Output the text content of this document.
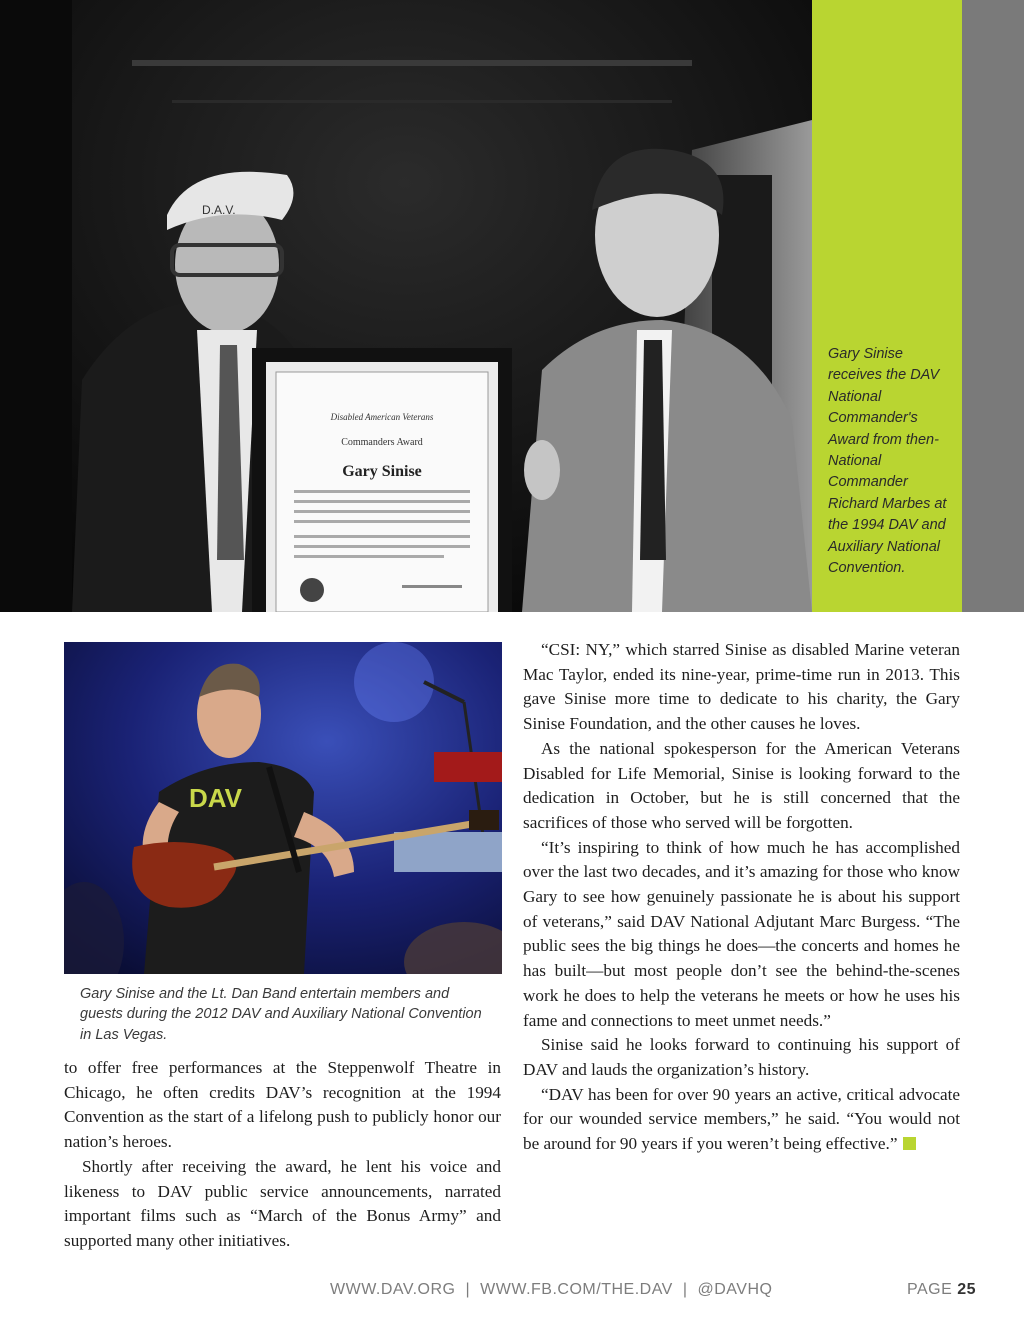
D.A.V.
Disabled American Veterans
Commanders Award
Gary Sinise
Gary Sinise receives the DAV National Commander's Award from then-National Commander Richard Marbes at the 1994 DAV and Auxiliary National Convention.
DAV
Gary Sinise and the Lt. Dan Band entertain members and guests during the 2012 DAV and Auxiliary National Convention in Las Vegas.

to offer free performances at the Steppenwolf Theatre in Chicago, he often credits DAV’s recognition at the 1994 Convention as the start of a lifelong push to publicly honor our nation’s heroes.

Shortly after receiving the award, he lent his voice and likeness to DAV public service announcements, narrated important films such as “March of the Bonus Army” and supported many other initiatives.

“CSI: NY,” which starred Sinise as disabled Marine veteran Mac Taylor, ended its nine-year, prime-time run in 2013. This gave Sinise more time to dedicate to his charity, the Gary Sinise Foundation, and the other causes he loves.

As the national spokesperson for the American Veterans Disabled for Life Memorial, Sinise is looking forward to the dedication in October, but he is still concerned that the sacrifices of those who served will be forgotten.

“It’s inspiring to think of how much he has accomplished over the last two decades, and it’s amazing for those who know Gary to see how genuinely passionate he is about his support of veterans,” said DAV National Adjutant Marc Burgess. “The public sees the big things he does—the concerts and homes he has built—but most people don’t see the behind-the-scenes work he does to help the veterans he meets or how he uses his fame and connections to meet unmet needs.”

Sinise said he looks forward to continuing his support of DAV and lauds the organization’s history.

“DAV has been for over 90 years an active, critical advocate for our wounded service members,” he said. “You would not be around for 90 years if you weren’t being effective.”

WWW.DAV.ORG | WWW.FB.COM/THE.DAV | @DAVHQ	PAGE 25
